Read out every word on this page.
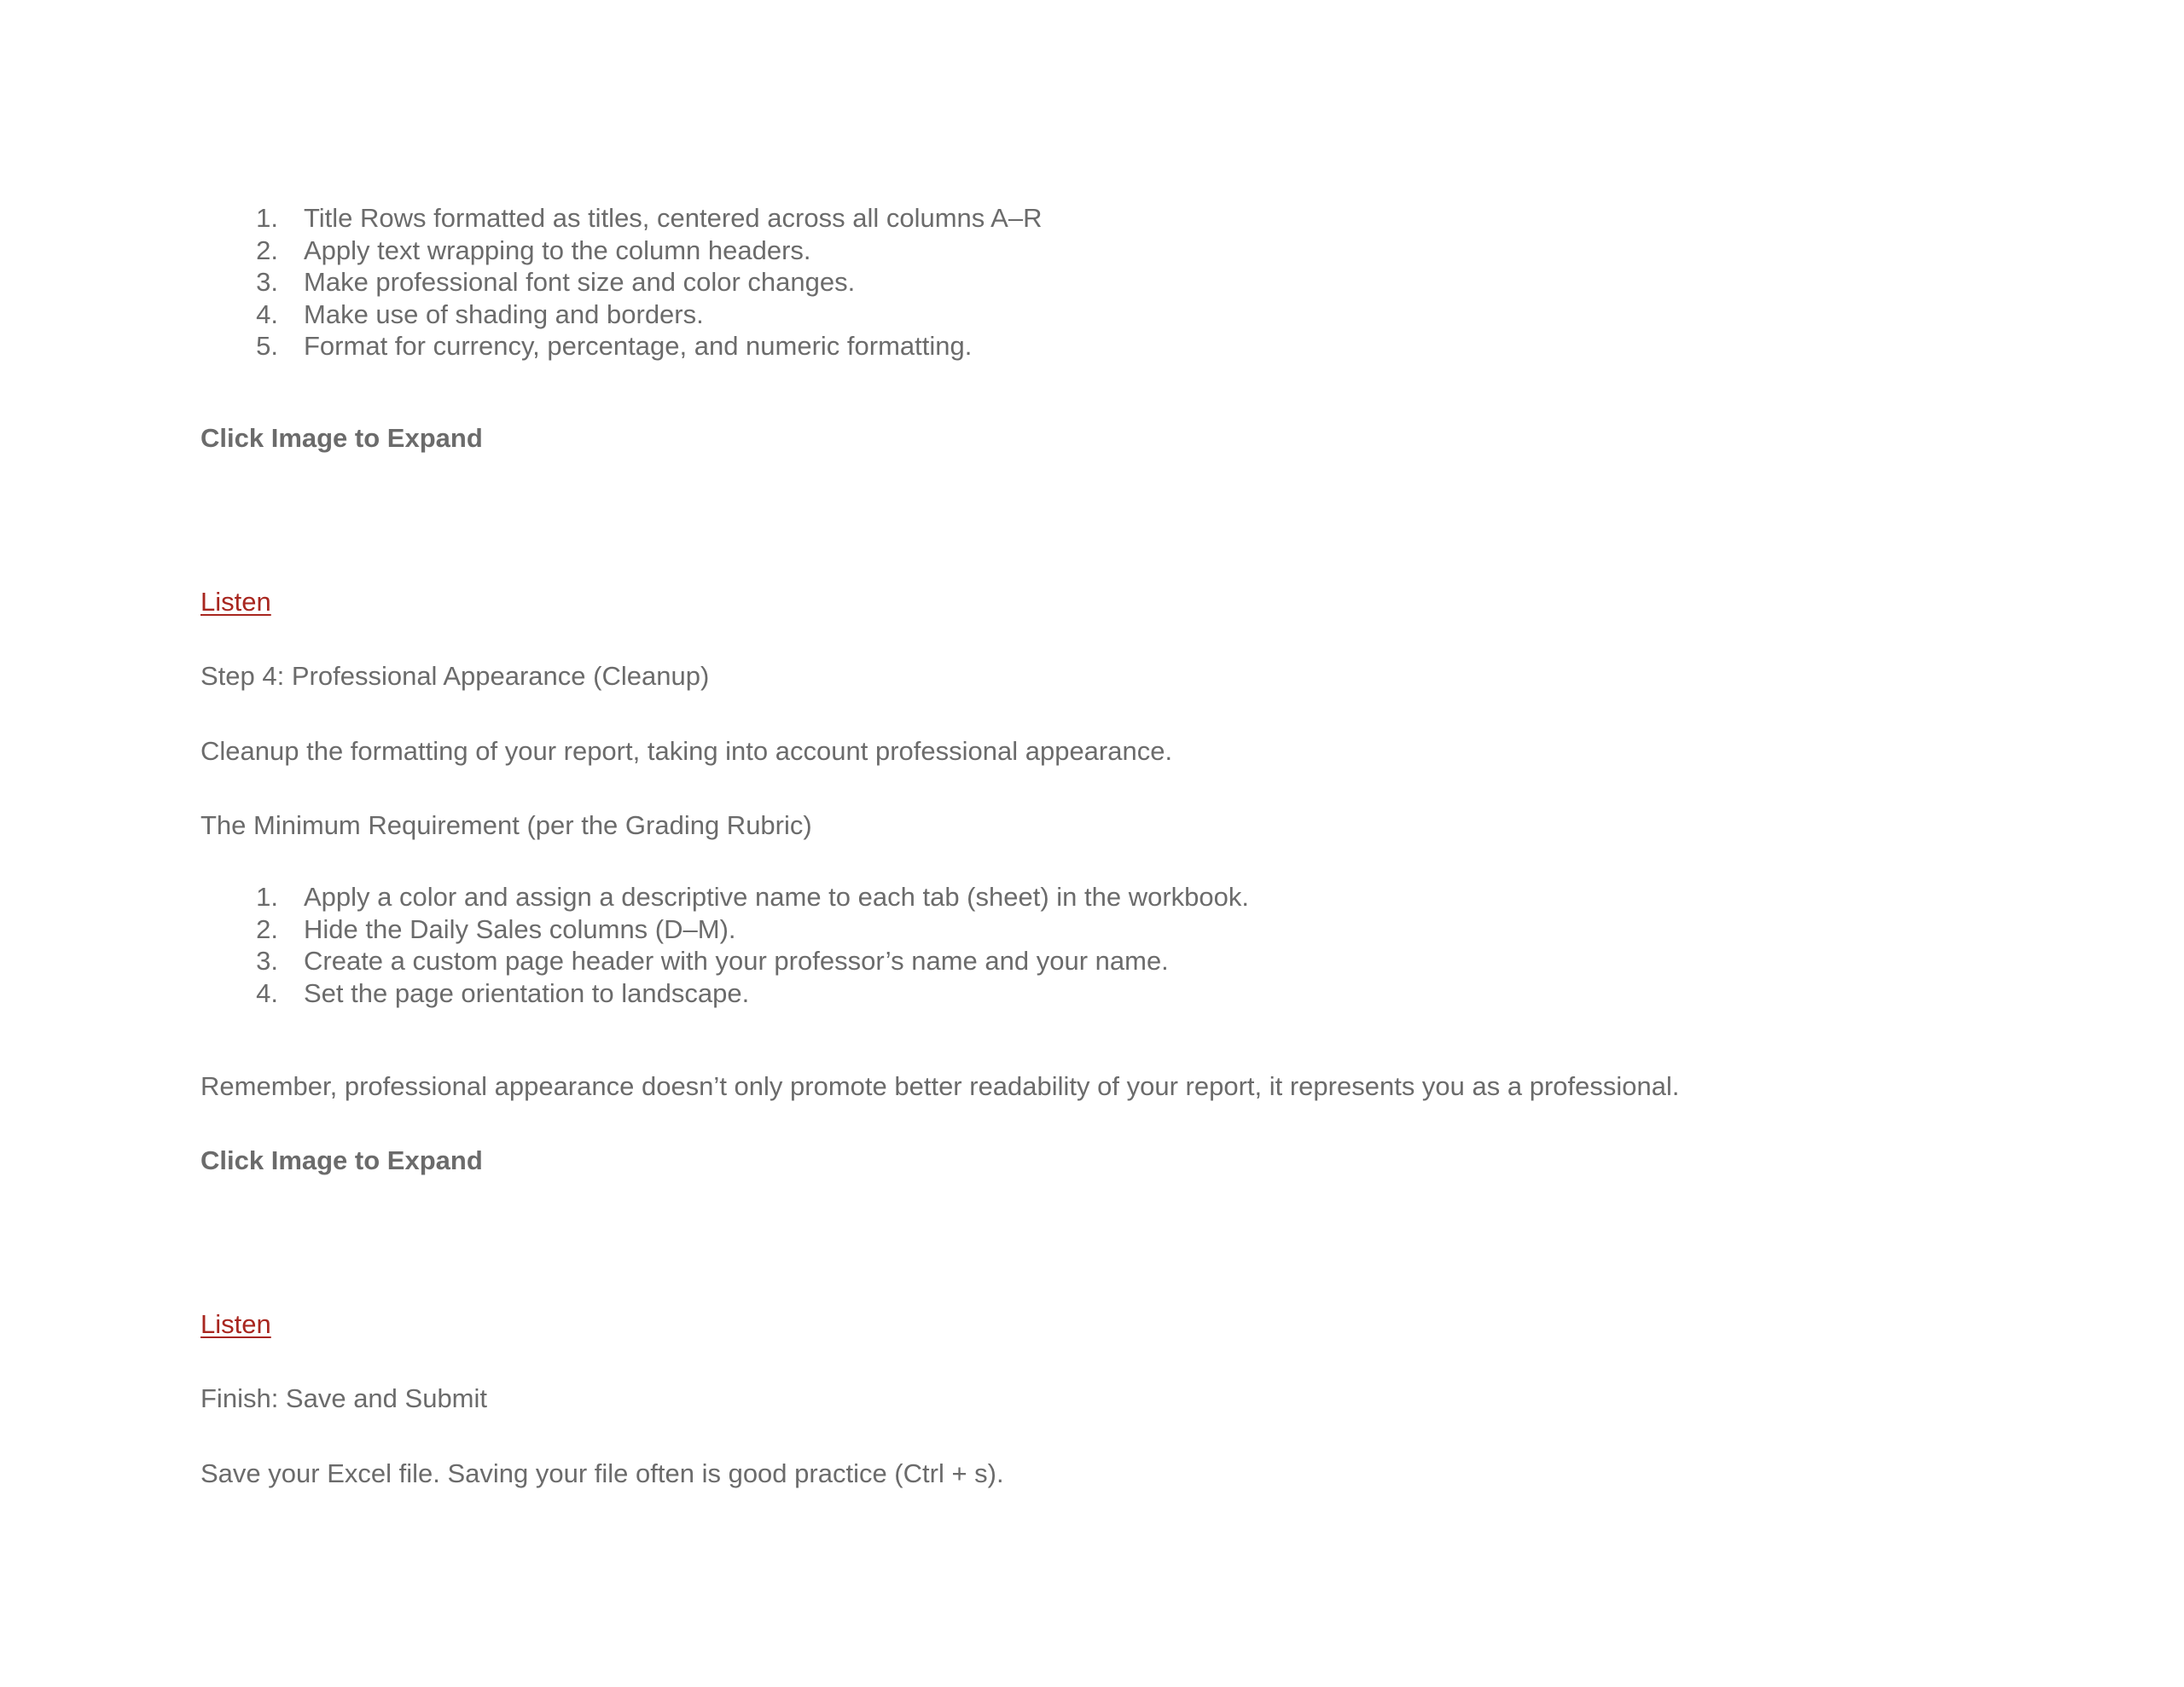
1. Title Rows formatted as titles, centered across all columns A–R
2. Apply text wrapping to the column headers.
3. Make professional font size and color changes.
4. Make use of shading and borders.
5. Format for currency, percentage, and numeric formatting.
Click Image to Expand
Listen
Step 4: Professional Appearance (Cleanup)
Cleanup the formatting of your report, taking into account professional appearance.
The Minimum Requirement (per the Grading Rubric)
1. Apply a color and assign a descriptive name to each tab (sheet) in the workbook.
2. Hide the Daily Sales columns (D–M).
3. Create a custom page header with your professor’s name and your name.
4. Set the page orientation to landscape.
Remember, professional appearance doesn’t only promote better readability of your report, it represents you as a professional.
Click Image to Expand
Listen
Finish: Save and Submit
Save your Excel file. Saving your file often is good practice (Ctrl + s).
